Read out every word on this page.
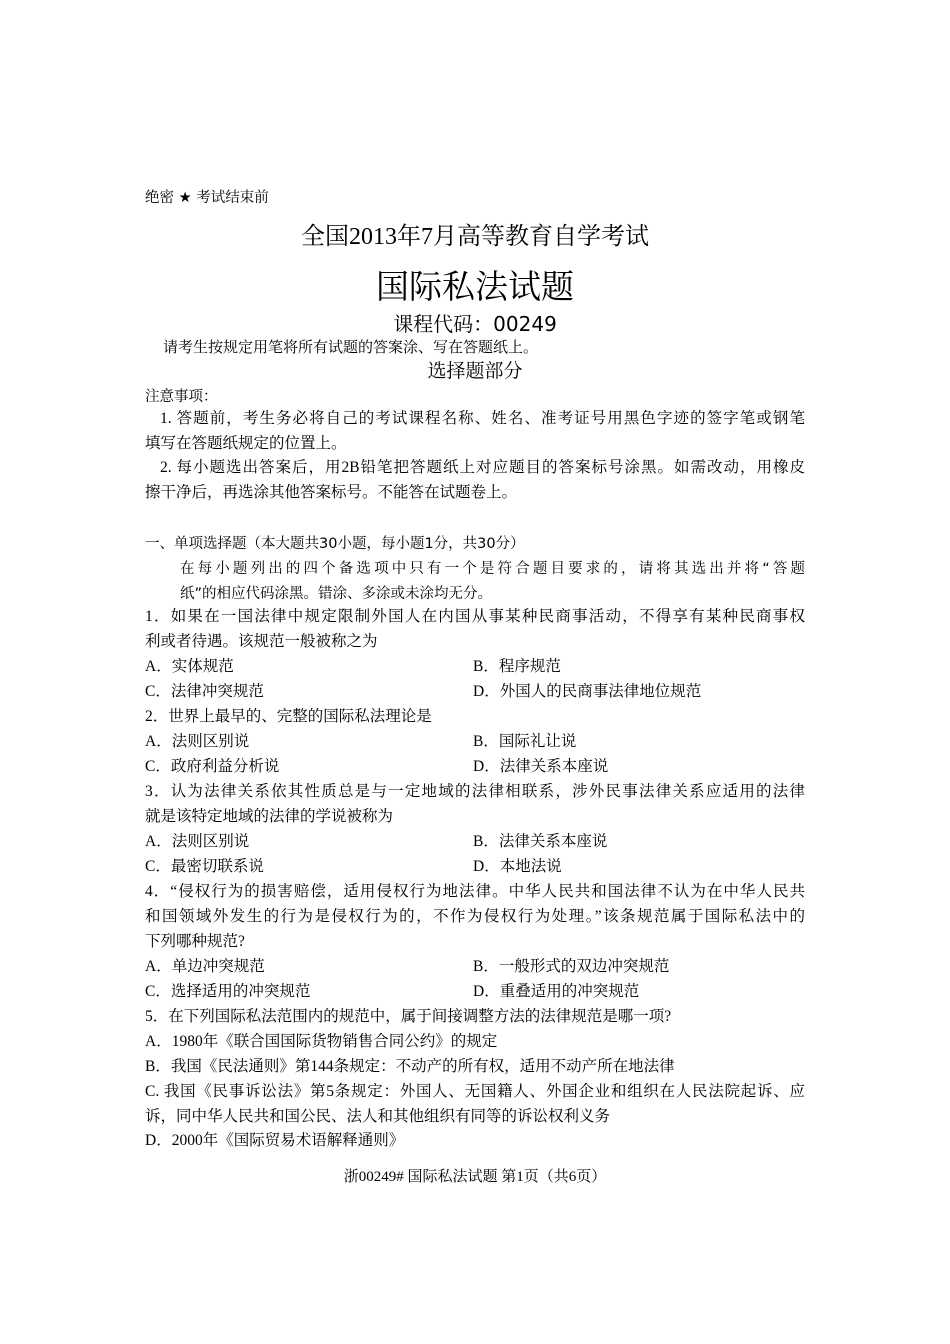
绝密 ★ 考试结束前
全国2013年7月高等教育自学考试
国际私法试题
课程代码：00249
请考生按规定用笔将所有试题的答案涂、写在答题纸上。
选择题部分
注意事项：
1. 答题前，考生务必将自己的考试课程名称、姓名、准考证号用黑色字迹的签字笔或钢笔
填写在答题纸规定的位置上。
2. 每小题选出答案后，用2B铅笔把答题纸上对应题目的答案标号涂黑。如需改动，用橡皮
擦干净后，再选涂其他答案标号。不能答在试题卷上。
一、单项选择题（本大题共30小题，每小题1分，共30分）
在每小题列出的四个备选项中只有一个是符合题目要求的，请将其选出并将“答题
纸”的相应代码涂黑。错涂、多涂或未涂均无分。
1．如果在一国法律中规定限制外国人在内国从事某种民商事活动，不得享有某种民商事权
利或者待遇。该规范一般被称之为
A．实体规范	B．程序规范
C．法律冲突规范	D．外国人的民商事法律地位规范
2．世界上最早的、完整的国际私法理论是
A．法则区别说	B．国际礼让说
C．政府利益分析说	D．法律关系本座说
3．认为法律关系依其性质总是与一定地域的法律相联系，涉外民事法律关系应适用的法律
就是该特定地域的法律的学说被称为
A．法则区别说	B．法律关系本座说
C．最密切联系说	D．本地法说
4．“侵权行为的损害赔偿，适用侵权行为地法律。中华人民共和国法律不认为在中华人民共
和国领域外发生的行为是侵权行为的，不作为侵权行为处理。”该条规范属于国际私法中的
下列哪种规范?
A．单边冲突规范	B．一般形式的双边冲突规范
C．选择适用的冲突规范	D．重叠适用的冲突规范
5．在下列国际私法范围内的规范中，属于间接调整方法的法律规范是哪一项?
A．1980年《联合国国际货物销售合同公约》的规定
B．我国《民法通则》第144条规定：不动产的所有权，适用不动产所在地法律
C. 我国《民事诉讼法》第5条规定：外国人、无国籍人、外国企业和组织在人民法院起诉、应
诉，同中华人民共和国公民、法人和其他组织有同等的诉讼权利义务
D．2000年《国际贸易术语解释通则》
浙00249# 国际私法试题 第1页（共6页）
